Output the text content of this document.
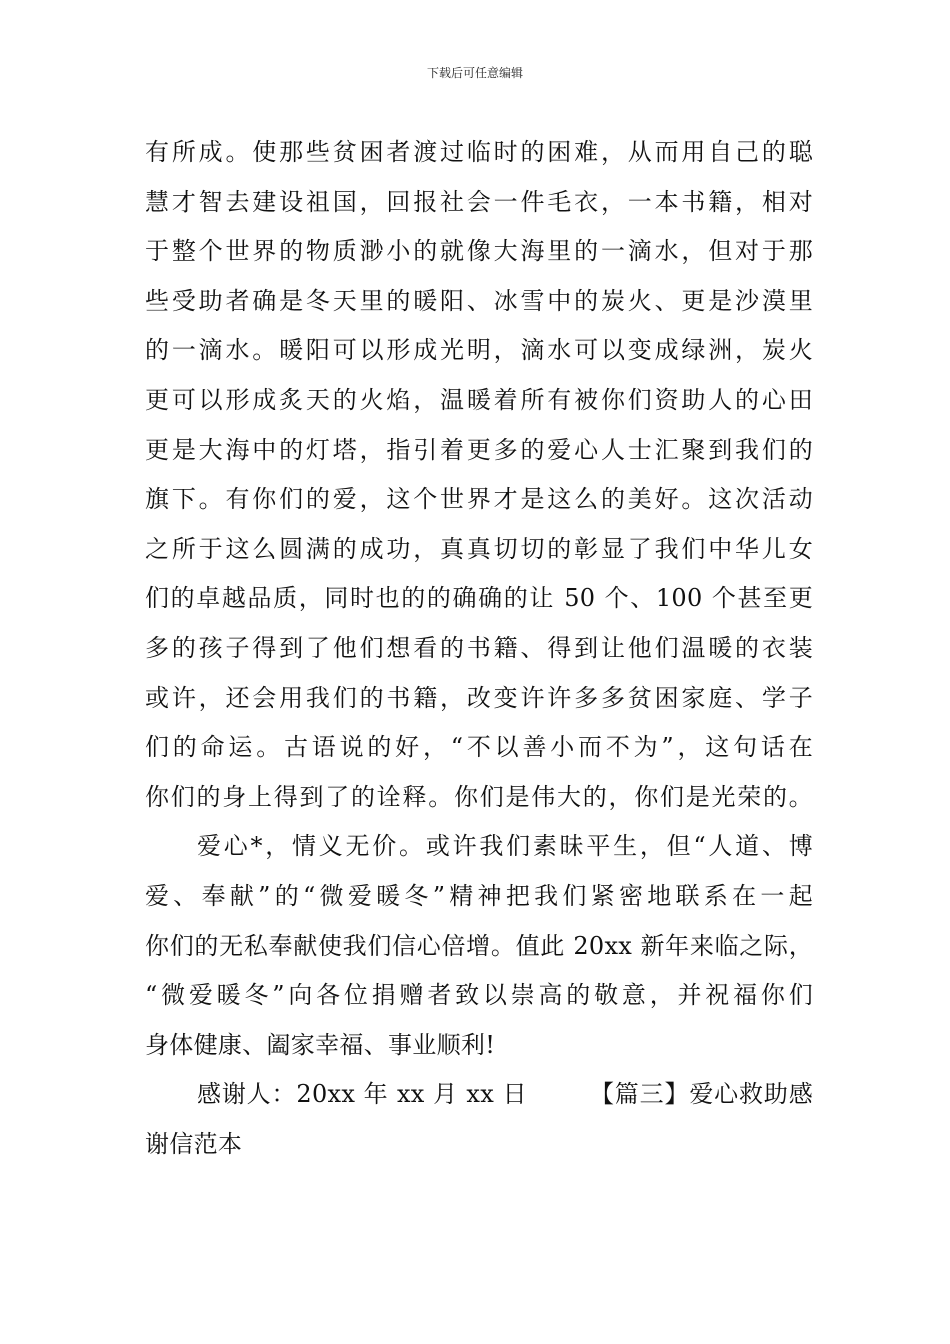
下载后可任意编辑
有所成。使那些贫困者渡过临时的困难，从而用自己的聪
慧才智去建设祖国，回报社会一件毛衣，一本书籍，相对
于整个世界的物质渺小的就像大海里的一滴水，但对于那
些受助者确是冬天里的暖阳、冰雪中的炭火、更是沙漠里
的一滴水。暖阳可以形成光明，滴水可以变成绿洲，炭火
更可以形成炙天的火焰，温暖着所有被你们资助人的心田
更是大海中的灯塔，指引着更多的爱心人士汇聚到我们的
旗下。有你们的爱，这个世界才是这么的美好。这次活动
之所于这么圆满的成功，真真切切的彰显了我们中华儿女
们的卓越品质，同时也的的确确的让 50 个、100 个甚至更
多的孩子得到了他们想看的书籍、得到让他们温暖的衣装
或许，还会用我们的书籍，改变许许多多贫困家庭、学子
们的命运。古语说的好，“不以善小而不为”，这句话在
你们的身上得到了的诠释。你们是伟大的，你们是光荣的。
爱心*，情义无价。或许我们素昧平生，但“人道、博
爱、奉献”的“微爱暖冬”精神把我们紧密地联系在一起
你们的无私奉献使我们信心倍增。值此 20xx 新年来临之际，
“微爱暖冬”向各位捐赠者致以崇高的敬意，并祝福你们
身体健康、阖家幸福、事业顺利!
感谢人：20xx 年 xx 月 xx 日　　　【篇三】爱心救助感
谢信范本
